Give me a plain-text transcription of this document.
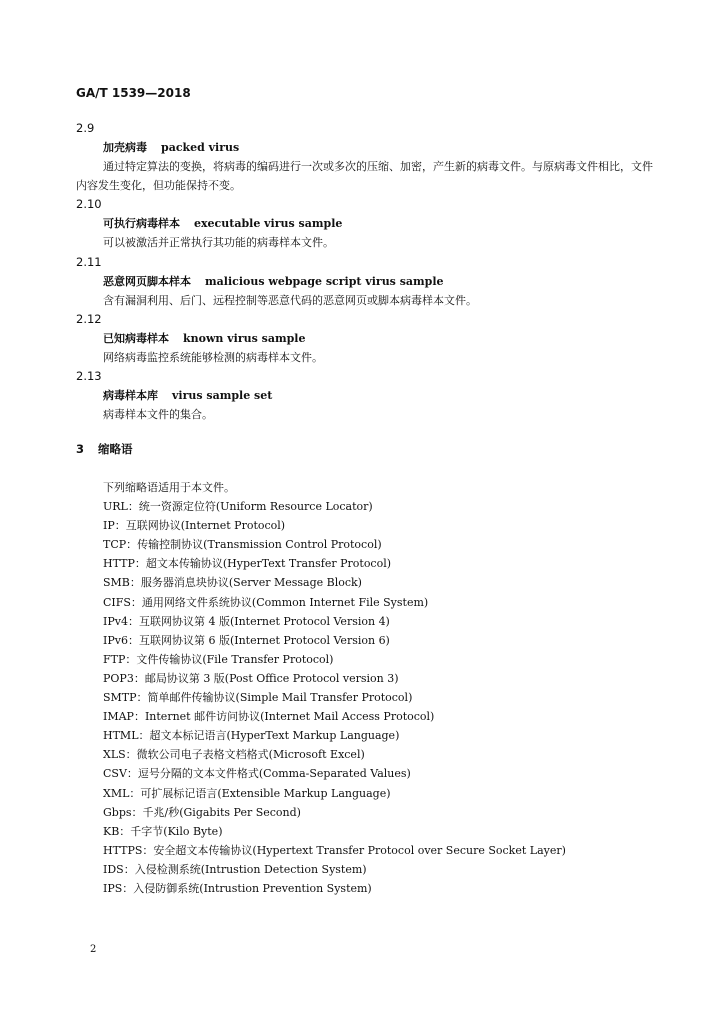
GA/T 1539—2018
2.9
加壳病毒 packed virus
通过特定算法的变换，将病毒的编码进行一次或多次的压缩、加密，产生新的病毒文件。与原病毒文件相比，文件内容发生变化，但功能保持不变。
2.10
可执行病毒样本 executable virus sample
可以被激活并正常执行其功能的病毒样本文件。
2.11
恶意网页脚本样本 malicious webpage script virus sample
含有漏洞利用、后门、远程控制等恶意代码的恶意网页或脚本病毒样本文件。
2.12
已知病毒样本 known virus sample
网络病毒监控系统能够检测的病毒样本文件。
2.13
病毒样本库 virus sample set
病毒样本文件的集合。
3 缩略语
下列缩略语适用于本文件。
URL：统一资源定位符(Uniform Resource Locator)
IP：互联网协议(Internet Protocol)
TCP：传输控制协议(Transmission Control Protocol)
HTTP：超文本传输协议(HyperText Transfer Protocol)
SMB：服务器消息块协议(Server Message Block)
CIFS：通用网络文件系统协议(Common Internet File System)
IPv4：互联网协议第 4 版(Internet Protocol Version 4)
IPv6：互联网协议第 6 版(Internet Protocol Version 6)
FTP：文件传输协议(File Transfer Protocol)
POP3：邮局协议第 3 版(Post Office Protocol version 3)
SMTP：简单邮件传输协议(Simple Mail Transfer Protocol)
IMAP：Internet 邮件访问协议(Internet Mail Access Protocol)
HTML：超文本标记语言(HyperText Markup Language)
XLS：微软公司电子表格文档格式(Microsoft Excel)
CSV：逗号分隔的文本文件格式(Comma-Separated Values)
XML：可扩展标记语言(Extensible Markup Language)
Gbps：千兆/秒(Gigabits Per Second)
KB：千字节(Kilo Byte)
HTTPS：安全超文本传输协议(Hypertext Transfer Protocol over Secure Socket Layer)
IDS：入侵检测系统(Intrustion Detection System)
IPS：入侵防御系统(Intrustion Prevention System)
2
